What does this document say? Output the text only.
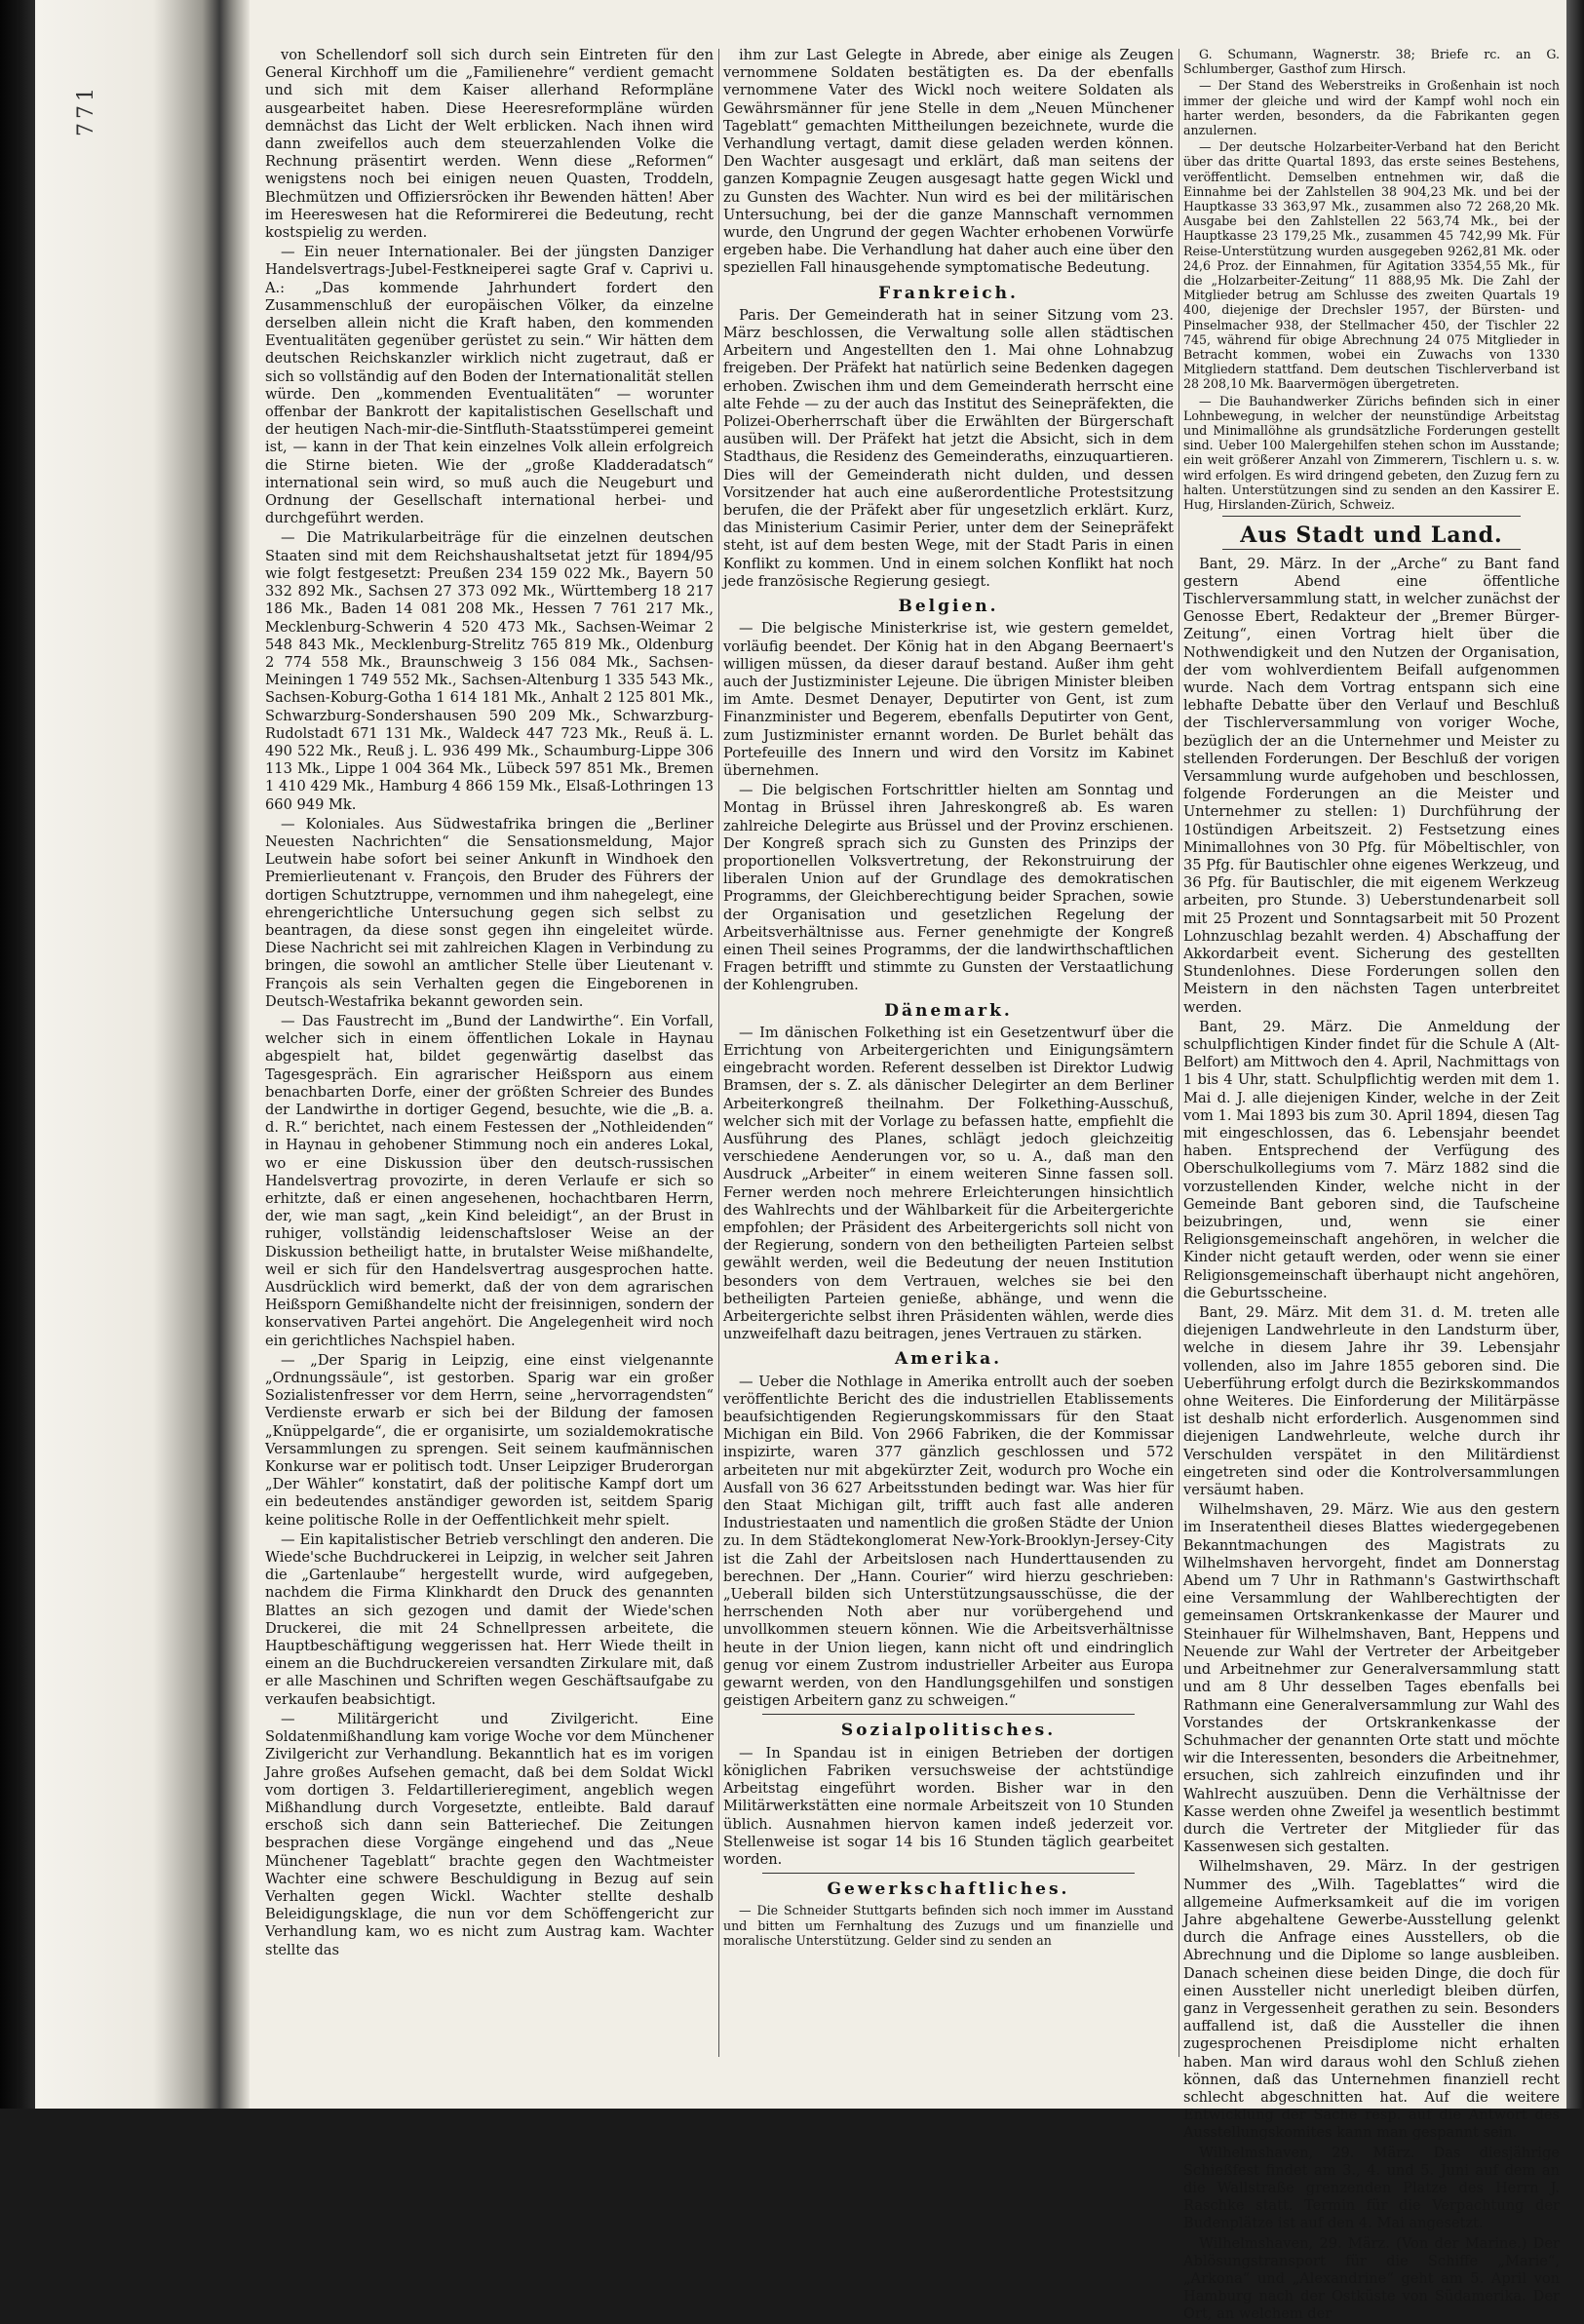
771

von Schellendorf soll sich durch sein Eintreten für den General Kirchhoff um die „Familienehre“ verdient gemacht und sich mit dem Kaiser allerhand Reformpläne ausgearbeitet haben. Diese Heeresreformpläne würden demnächst das Licht der Welt erblicken. Nach ihnen wird dann zweifellos auch dem steuerzahlenden Volke die Rechnung präsentirt werden. Wenn diese „Reformen“ wenigstens noch bei einigen neuen Quasten, Troddeln, Blechmützen und Offiziersröcken ihr Bewenden hätten! Aber im Heereswesen hat die Reformirerei die Bedeutung, recht kostspielig zu werden.

— Ein neuer Internationaler. Bei der jüngsten Danziger Handelsvertrags-Jubel-Festkneiperei sagte Graf v. Caprivi u. A.: „Das kommende Jahrhundert fordert den Zusammenschluß der europäischen Völker, da einzelne derselben allein nicht die Kraft haben, den kommenden Eventualitäten gegenüber gerüstet zu sein.“ Wir hätten dem deutschen Reichskanzler wirklich nicht zugetraut, daß er sich so vollständig auf den Boden der Internationalität stellen würde. Den „kommenden Eventualitäten“ — worunter offenbar der Bankrott der kapitalistischen Gesellschaft und der heutigen Nach-mir-die-Sintfluth-Staatsstümperei gemeint ist, — kann in der That kein einzelnes Volk allein erfolgreich die Stirne bieten. Wie der „große Kladderadatsch“ international sein wird, so muß auch die Neugeburt und Ordnung der Gesellschaft international herbei- und durchgeführt werden.

— Die Matrikularbeiträge für die einzelnen deutschen Staaten sind mit dem Reichshaushaltsetat jetzt für 1894/95 wie folgt festgesetzt: Preußen 234 159 022 Mk., Bayern 50 332 892 Mk., Sachsen 27 373 092 Mk., Württemberg 18 217 186 Mk., Baden 14 081 208 Mk., Hessen 7 761 217 Mk., Mecklenburg-Schwerin 4 520 473 Mk., Sachsen-Weimar 2 548 843 Mk., Mecklenburg-Strelitz 765 819 Mk., Oldenburg 2 774 558 Mk., Braunschweig 3 156 084 Mk., Sachsen-Meiningen 1 749 552 Mk., Sachsen-Altenburg 1 335 543 Mk., Sachsen-Koburg-Gotha 1 614 181 Mk., Anhalt 2 125 801 Mk., Schwarzburg-Sondershausen 590 209 Mk., Schwarzburg-Rudolstadt 671 131 Mk., Waldeck 447 723 Mk., Reuß ä. L. 490 522 Mk., Reuß j. L. 936 499 Mk., Schaumburg-Lippe 306 113 Mk., Lippe 1 004 364 Mk., Lübeck 597 851 Mk., Bremen 1 410 429 Mk., Hamburg 4 866 159 Mk., Elsaß-Lothringen 13 660 949 Mk.

— Koloniales. Aus Südwestafrika bringen die „Berliner Neuesten Nachrichten“ die Sensationsmeldung, Major Leutwein habe sofort bei seiner Ankunft in Windhoek den Premierlieutenant v. François, den Bruder des Führers der dortigen Schutztruppe, vernommen und ihm nahegelegt, eine ehrengerichtliche Untersuchung gegen sich selbst zu beantragen, da diese sonst gegen ihn eingeleitet würde. Diese Nachricht sei mit zahlreichen Klagen in Verbindung zu bringen, die sowohl an amtlicher Stelle über Lieutenant v. François als sein Verhalten gegen die Eingeborenen in Deutsch-Westafrika bekannt geworden sein.

— Das Faustrecht im „Bund der Landwirthe“. Ein Vorfall, welcher sich in einem öffentlichen Lokale in Haynau abgespielt hat, bildet gegenwärtig daselbst das Tagesgespräch. Ein agrarischer Heißsporn aus einem benachbarten Dorfe, einer der größten Schreier des Bundes der Landwirthe in dortiger Gegend, besuchte, wie die „B. a. d. R.“ berichtet, nach einem Festessen der „Nothleidenden“ in Haynau in gehobener Stimmung noch ein anderes Lokal, wo er eine Diskussion über den deutsch-russischen Handelsvertrag provozirte, in deren Verlaufe er sich so erhitzte, daß er einen angesehenen, hochachtbaren Herrn, der, wie man sagt, „kein Kind beleidigt“, an der Brust in ruhiger, vollständig leidenschaftsloser Weise an der Diskussion betheiligt hatte, in brutalster Weise mißhandelte, weil er sich für den Handelsvertrag ausgesprochen hatte. Ausdrücklich wird bemerkt, daß der von dem agrarischen Heißsporn Gemißhandelte nicht der freisinnigen, sondern der konservativen Partei angehört. Die Angelegenheit wird noch ein gerichtliches Nachspiel haben.

— „Der Sparig in Leipzig, eine einst vielgenannte „Ordnungssäule“, ist gestorben. Sparig war ein großer Sozialistenfresser vor dem Herrn, seine „hervorragendsten“ Verdienste erwarb er sich bei der Bildung der famosen „Knüppelgarde“, die er organisirte, um sozialdemokratische Versammlungen zu sprengen. Seit seinem kaufmännischen Konkurse war er politisch todt. Unser Leipziger Bruderorgan „Der Wähler“ konstatirt, daß der politische Kampf dort um ein bedeutendes anständiger geworden ist, seitdem Sparig keine politische Rolle in der Oeffentlichkeit mehr spielt.

— Ein kapitalistischer Betrieb verschlingt den anderen. Die Wiede'sche Buchdruckerei in Leipzig, in welcher seit Jahren die „Gartenlaube“ hergestellt wurde, wird aufgegeben, nachdem die Firma Klinkhardt den Druck des genannten Blattes an sich gezogen und damit der Wiede'schen Druckerei, die mit 24 Schnellpressen arbeitete, die Hauptbeschäftigung weggerissen hat. Herr Wiede theilt in einem an die Buchdruckereien versandten Zirkulare mit, daß er alle Maschinen und Schriften wegen Geschäftsaufgabe zu verkaufen beabsichtigt.

— Militärgericht und Zivilgericht. Eine Soldatenmißhandlung kam vorige Woche vor dem Münchener Zivilgericht zur Verhandlung. Bekanntlich hat es im vorigen Jahre großes Aufsehen gemacht, daß bei dem Soldat Wickl vom dortigen 3. Feldartillerieregiment, angeblich wegen Mißhandlung durch Vorgesetzte, entleibte. Bald darauf erschoß sich dann sein Batteriechef. Die Zeitungen besprachen diese Vorgänge eingehend und das „Neue Münchener Tageblatt“ brachte gegen den Wachtmeister Wachter eine schwere Beschuldigung in Bezug auf sein Verhalten gegen Wickl. Wachter stellte deshalb Beleidigungsklage, die nun vor dem Schöffengericht zur Verhandlung kam, wo es nicht zum Austrag kam. Wachter stellte das

ihm zur Last Gelegte in Abrede, aber einige als Zeugen vernommene Soldaten bestätigten es. Da der ebenfalls vernommene Vater des Wickl noch weitere Soldaten als Gewährsmänner für jene Stelle in dem „Neuen Münchener Tageblatt“ gemachten Mittheilungen bezeichnete, wurde die Verhandlung vertagt, damit diese geladen werden können. Den Wachter ausgesagt und erklärt, daß man seitens der ganzen Kompagnie Zeugen ausgesagt hatte gegen Wickl und zu Gunsten des Wachter. Nun wird es bei der militärischen Untersuchung, bei der die ganze Mannschaft vernommen wurde, den Ungrund der gegen Wachter erhobenen Vorwürfe ergeben habe. Die Verhandlung hat daher auch eine über den speziellen Fall hinausgehende symptomatische Bedeutung.

Frankreich.

Paris. Der Gemeinderath hat in seiner Sitzung vom 23. März beschlossen, die Verwaltung solle allen städtischen Arbeitern und Angestellten den 1. Mai ohne Lohnabzug freigeben. Der Präfekt hat natürlich seine Bedenken dagegen erhoben. Zwischen ihm und dem Gemeinderath herrscht eine alte Fehde — zu der auch das Institut des Seinepräfekten, die Polizei-Oberherrschaft über die Erwählten der Bürgerschaft ausüben will. Der Präfekt hat jetzt die Absicht, sich in dem Stadthaus, die Residenz des Gemeinderaths, einzuquartieren. Dies will der Gemeinderath nicht dulden, und dessen Vorsitzender hat auch eine außerordentliche Protestsitzung berufen, die der Präfekt aber für ungesetzlich erklärt. Kurz, das Ministerium Casimir Perier, unter dem der Seinepräfekt steht, ist auf dem besten Wege, mit der Stadt Paris in einen Konflikt zu kommen. Und in einem solchen Konflikt hat noch jede französische Regierung gesiegt.

Belgien.

— Die belgische Ministerkrise ist, wie gestern gemeldet, vorläufig beendet. Der König hat in den Abgang Beernaert's willigen müssen, da dieser darauf bestand. Außer ihm geht auch der Justizminister Lejeune. Die übrigen Minister bleiben im Amte. Desmet Denayer, Deputirter von Gent, ist zum Finanzminister und Begerem, ebenfalls Deputirter von Gent, zum Justizminister ernannt worden. De Burlet behält das Portefeuille des Innern und wird den Vorsitz im Kabinet übernehmen.

— Die belgischen Fortschrittler hielten am Sonntag und Montag in Brüssel ihren Jahreskongreß ab. Es waren zahlreiche Delegirte aus Brüssel und der Provinz erschienen. Der Kongreß sprach sich zu Gunsten des Prinzips der proportionellen Volksvertretung, der Rekonstruirung der liberalen Union auf der Grundlage des demokratischen Programms, der Gleichberechtigung beider Sprachen, sowie der Organisation und gesetzlichen Regelung der Arbeitsverhältnisse aus. Ferner genehmigte der Kongreß einen Theil seines Programms, der die landwirthschaftlichen Fragen betrifft und stimmte zu Gunsten der Verstaatlichung der Kohlengruben.

Dänemark.

— Im dänischen Folkething ist ein Gesetzentwurf über die Errichtung von Arbeitergerichten und Einigungsämtern eingebracht worden. Referent desselben ist Direktor Ludwig Bramsen, der s. Z. als dänischer Delegirter an dem Berliner Arbeiterkongreß theilnahm. Der Folkething-Ausschuß, welcher sich mit der Vorlage zu befassen hatte, empfiehlt die Ausführung des Planes, schlägt jedoch gleichzeitig verschiedene Aenderungen vor, so u. A., daß man den Ausdruck „Arbeiter“ in einem weiteren Sinne fassen soll. Ferner werden noch mehrere Erleichterungen hinsichtlich des Wahlrechts und der Wählbarkeit für die Arbeitergerichte empfohlen; der Präsident des Arbeitergerichts soll nicht von der Regierung, sondern von den betheiligten Parteien selbst gewählt werden, weil die Bedeutung der neuen Institution besonders von dem Vertrauen, welches sie bei den betheiligten Parteien genieße, abhänge, und wenn die Arbeitergerichte selbst ihren Präsidenten wählen, werde dies unzweifelhaft dazu beitragen, jenes Vertrauen zu stärken.

Amerika.

— Ueber die Nothlage in Amerika entrollt auch der soeben veröffentlichte Bericht des die industriellen Etablissements beaufsichtigenden Regierungskommissars für den Staat Michigan ein Bild. Von 2966 Fabriken, die der Kommissar inspizirte, waren 377 gänzlich geschlossen und 572 arbeiteten nur mit abgekürzter Zeit, wodurch pro Woche ein Ausfall von 36 627 Arbeitsstunden bedingt war. Was hier für den Staat Michigan gilt, trifft auch fast alle anderen Industriestaaten und namentlich die großen Städte der Union zu. In dem Städtekonglomerat New-York-Brooklyn-Jersey-City ist die Zahl der Arbeitslosen nach Hunderttausenden zu berechnen. Der „Hann. Courier“ wird hierzu geschrieben: „Ueberall bilden sich Unterstützungsausschüsse, die der herrschenden Noth aber nur vorübergehend und unvollkommen steuern können. Wie die Arbeitsverhältnisse heute in der Union liegen, kann nicht oft und eindringlich genug vor einem Zustrom industrieller Arbeiter aus Europa gewarnt werden, von den Handlungsgehilfen und sonstigen geistigen Arbeitern ganz zu schweigen.“

Sozialpolitisches.

— In Spandau ist in einigen Betrieben der dortigen königlichen Fabriken versuchsweise der achtstündige Arbeitstag eingeführt worden. Bisher war in den Militärwerkstätten eine normale Arbeitszeit von 10 Stunden üblich. Ausnahmen hiervon kamen indeß jederzeit vor. Stellenweise ist sogar 14 bis 16 Stunden täglich gearbeitet worden.

Gewerkschaftliches.

— Die Schneider Stuttgarts befinden sich noch immer im Ausstand und bitten um Fernhaltung des Zuzugs und um finanzielle und moralische Unterstützung. Gelder sind zu senden an

G. Schumann, Wagnerstr. 38; Briefe rc. an G. Schlumberger, Gasthof zum Hirsch.

— Der Stand des Weberstreiks in Großenhain ist noch immer der gleiche und wird der Kampf wohl noch ein harter werden, besonders, da die Fabrikanten gegen anzulernen.

— Der deutsche Holzarbeiter-Verband hat den Bericht über das dritte Quartal 1893, das erste seines Bestehens, veröffentlicht. Demselben entnehmen wir, daß die Einnahme bei der Zahlstellen 38 904,23 Mk. und bei der Hauptkasse 33 363,97 Mk., zusammen also 72 268,20 Mk. Ausgabe bei den Zahlstellen 22 563,74 Mk., bei der Hauptkasse 23 179,25 Mk., zusammen 45 742,99 Mk. Für Reise-Unterstützung wurden ausgegeben 9262,81 Mk. oder 24,6 Proz. der Einnahmen, für Agitation 3354,55 Mk., für die „Holzarbeiter-Zeitung“ 11 888,95 Mk. Die Zahl der Mitglieder betrug am Schlusse des zweiten Quartals 19 400, diejenige der Drechsler 1957, der Bürsten- und Pinselmacher 938, der Stellmacher 450, der Tischler 22 745, während für obige Abrechnung 24 075 Mitglieder in Betracht kommen, wobei ein Zuwachs von 1330 Mitgliedern stattfand. Dem deutschen Tischlerverband ist 28 208,10 Mk. Baarvermögen übergetreten.

— Die Bauhandwerker Zürichs befinden sich in einer Lohnbewegung, in welcher der neunstündige Arbeitstag und Minimallöhne als grundsätzliche Forderungen gestellt sind. Ueber 100 Malergehilfen stehen schon im Ausstande; ein weit größerer Anzahl von Zimmerern, Tischlern u. s. w. wird erfolgen. Es wird dringend gebeten, den Zuzug fern zu halten. Unterstützungen sind zu senden an den Kassirer E. Hug, Hirslanden-Zürich, Schweiz.

Aus Stadt und Land.

Bant, 29. März. In der „Arche“ zu Bant fand gestern Abend eine öffentliche Tischlerversammlung statt, in welcher zunächst der Genosse Ebert, Redakteur der „Bremer Bürger-Zeitung“, einen Vortrag hielt über die Nothwendigkeit und den Nutzen der Organisation, der vom wohlverdientem Beifall aufgenommen wurde. Nach dem Vortrag entspann sich eine lebhafte Debatte über den Verlauf und Beschluß der Tischlerversammlung von voriger Woche, bezüglich der an die Unternehmer und Meister zu stellenden Forderungen. Der Beschluß der vorigen Versammlung wurde aufgehoben und beschlossen, folgende Forderungen an die Meister und Unternehmer zu stellen: 1) Durchführung der 10stündigen Arbeitszeit. 2) Festsetzung eines Minimallohnes von 30 Pfg. für Möbeltischler, von 35 Pfg. für Bautischler ohne eigenes Werkzeug, und 36 Pfg. für Bautischler, die mit eigenem Werkzeug arbeiten, pro Stunde. 3) Ueberstundenarbeit soll mit 25 Prozent und Sonntagsarbeit mit 50 Prozent Lohnzuschlag bezahlt werden. 4) Abschaffung der Akkordarbeit event. Sicherung des gestellten Stundenlohnes. Diese Forderungen sollen den Meistern in den nächsten Tagen unterbreitet werden.

Bant, 29. März. Die Anmeldung der schulpflichtigen Kinder findet für die Schule A (Alt-Belfort) am Mittwoch den 4. April, Nachmittags von 1 bis 4 Uhr, statt. Schulpflichtig werden mit dem 1. Mai d. J. alle diejenigen Kinder, welche in der Zeit vom 1. Mai 1893 bis zum 30. April 1894, diesen Tag mit eingeschlossen, das 6. Lebensjahr beendet haben. Entsprechend der Verfügung des Oberschulkollegiums vom 7. März 1882 sind die vorzustellenden Kinder, welche nicht in der Gemeinde Bant geboren sind, die Taufscheine beizubringen, und, wenn sie einer Religionsgemeinschaft angehören, in welcher die Kinder nicht getauft werden, oder wenn sie einer Religionsgemeinschaft überhaupt nicht angehören, die Geburtsscheine.

Bant, 29. März. Mit dem 31. d. M. treten alle diejenigen Landwehrleute in den Landsturm über, welche in diesem Jahre ihr 39. Lebensjahr vollenden, also im Jahre 1855 geboren sind. Die Ueberführung erfolgt durch die Bezirkskommandos ohne Weiteres. Die Einforderung der Militärpässe ist deshalb nicht erforderlich. Ausgenommen sind diejenigen Landwehrleute, welche durch ihr Verschulden verspätet in den Militärdienst eingetreten sind oder die Kontrolversammlungen versäumt haben.

Wilhelmshaven, 29. März. Wie aus den gestern im Inseratentheil dieses Blattes wiedergegebenen Bekanntmachungen des Magistrats zu Wilhelmshaven hervorgeht, findet am Donnerstag Abend um 7 Uhr in Rathmann's Gastwirthschaft eine Versammlung der Wahlberechtigten der gemeinsamen Ortskrankenkasse der Maurer und Steinhauer für Wilhelmshaven, Bant, Heppens und Neuende zur Wahl der Vertreter der Arbeitgeber und Arbeitnehmer zur Generalversammlung statt und am 8 Uhr desselben Tages ebenfalls bei Rathmann eine Generalversammlung zur Wahl des Vorstandes der Ortskrankenkasse der Schuhmacher der genannten Orte statt und möchte wir die Interessenten, besonders die Arbeitnehmer, ersuchen, sich zahlreich einzufinden und ihr Wahlrecht auszuüben. Denn die Verhältnisse der Kasse werden ohne Zweifel ja wesentlich bestimmt durch die Vertreter der Mitglieder für das Kassenwesen sich gestalten.

Wilhelmshaven, 29. März. In der gestrigen Nummer des „Wilh. Tageblattes“ wird die allgemeine Aufmerksamkeit auf die im vorigen Jahre abgehaltene Gewerbe-Ausstellung gelenkt durch die Anfrage eines Ausstellers, ob die Abrechnung und die Diplome so lange ausbleiben. Danach scheinen diese beiden Dinge, die doch für einen Aussteller nicht unerledigt bleiben dürfen, ganz in Vergessenheit gerathen zu sein. Besonders auffallend ist, daß die Aussteller die ihnen zugesprochenen Preisdiplome nicht erhalten haben. Man wird daraus wohl den Schluß ziehen können, daß das Unternehmen finanziell recht schlecht abgeschnitten hat. Auf die weitere Entwicklung der Sache resp. auf die Antwort des Ausstellungskomites kann man gespannt sein.

Wilhelmshaven, 29. März. Das diesjährige Schießfest findet am 3., 4. und 5. Juni auf dem an die Wallstraße grenzenden Platze des Herrn J. Raschke statt. Termin für die Verpachtung der Budenplätze ist auf den 4. Mai angesetzt.

Wilhelmshaven, 29. März. (Von der Marine.) Der Ablösungstransport für die Schiffe „Marie“, „Arkona“ und „Alexandrine“ geht am 5. April von Hamburg nach der Ostküste von Südamerika. Der Ort, an welchem der
